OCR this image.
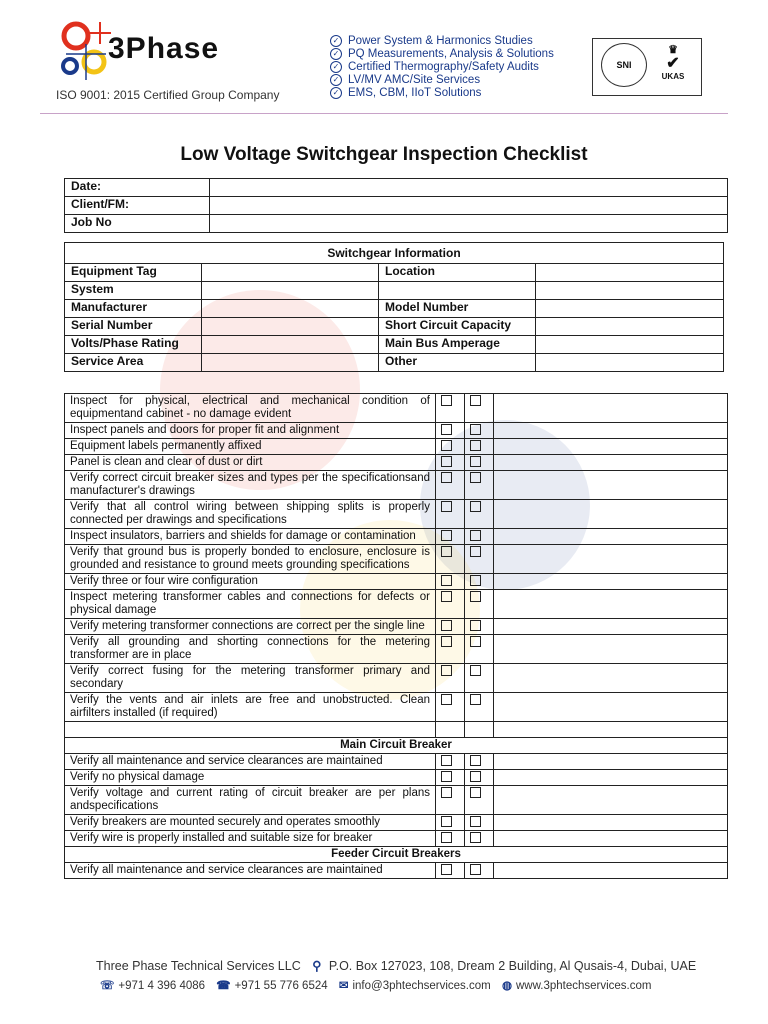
3Phase
ISO 9001: 2015 Certified Group Company
✓ Power System & Harmonics Studies
✓ PQ Measurements, Analysis & Solutions
✓ Certified Thermography/Safety Audits
✓ LV/MV AMC/Site Services
✓ EMS, CBM, IIoT Solutions
SNI
♛
✔
UKAS
Low Voltage Switchgear Inspection Checklist
Date:	
Client/FM:	
Job No	
Switchgear Information			
Equipment Tag		Location	
System			
Manufacturer		Model Number	
Serial Number		Short Circuit Capacity	
Volts/Phase Rating		Main Bus Amperage	
Service Area		Other	
Inspect for physical, electrical and mechanical condition of equipmentand cabinet - no damage evident			
Inspect panels and doors for proper fit and alignment			
Equipment labels permanently affixed			
Panel is clean and clear of dust or dirt			
Verify correct circuit breaker sizes and types per the specificationsand manufacturer's drawings			
Verify that all control wiring between shipping splits is properly connected per drawings and specifications			
Inspect insulators, barriers and shields for damage or contamination			
Verify that ground bus is properly bonded to enclosure, enclosure is grounded and resistance to ground meets grounding specifications			
Verify three or four wire configuration			
Inspect metering transformer cables and connections for defects or physical damage			
Verify metering transformer connections are correct per the single line			
Verify all grounding and shorting connections for the metering transformer are in place			
Verify correct fusing for the metering transformer primary and secondary			
Verify the vents and air inlets are free and unobstructed. Clean airfilters installed (if required)			

Main Circuit Breaker			
Verify all maintenance and service clearances are maintained			
Verify no physical damage			
Verify voltage and current rating of circuit breaker are per plans andspecifications			
Verify breakers are mounted securely and operates smoothly			
Verify wire is properly installed and suitable size for breaker			
Feeder Circuit Breakers			
Verify all maintenance and service clearances are maintained			
Three Phase Technical Services LLC ⚲ P.O. Box 127023, 108, Dream 2 Building, Al Qusais-4, Dubai, UAE
☏ +971 4 396 4086 ☎ +971 55 776 6524 ✉ info@3phtechservices.com ◍ www.3phtechservices.com
